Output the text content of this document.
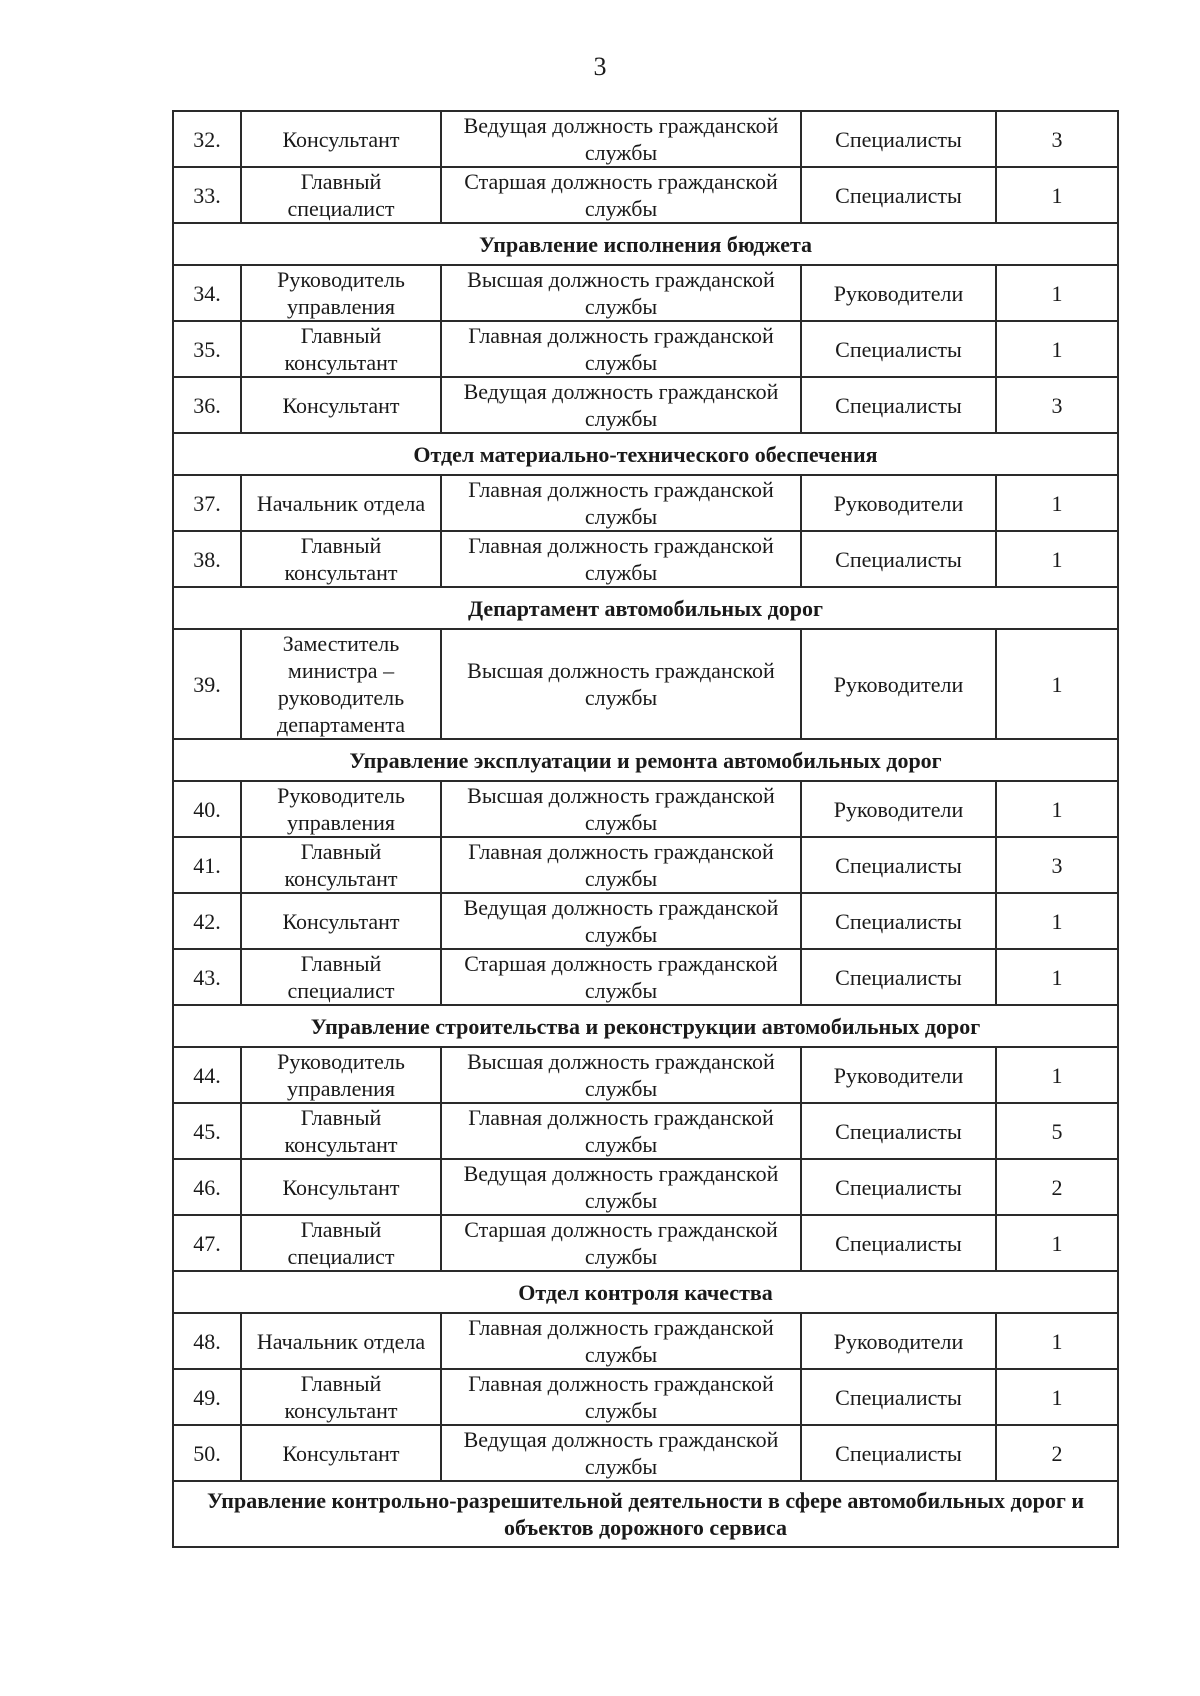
3
32.	Консультант	Ведущая должность гражданской службы	Специалисты	3
33.	Главный специалист	Старшая должность гражданской службы	Специалисты	1
Управление исполнения бюджета				
34.	Руководитель управления	Высшая должность гражданской службы	Руководители	1
35.	Главный консультант	Главная должность гражданской службы	Специалисты	1
36.	Консультант	Ведущая должность гражданской службы	Специалисты	3
Отдел материально-технического обеспечения				
37.	Начальник отдела	Главная должность гражданской службы	Руководители	1
38.	Главный консультант	Главная должность гражданской службы	Специалисты	1
Департамент автомобильных дорог				
39.	Заместитель министра – руководитель департамента	Высшая должность гражданской службы	Руководители	1
Управление эксплуатации и ремонта автомобильных дорог				
40.	Руководитель управления	Высшая должность гражданской службы	Руководители	1
41.	Главный консультант	Главная должность гражданской службы	Специалисты	3
42.	Консультант	Ведущая должность гражданской службы	Специалисты	1
43.	Главный специалист	Старшая должность гражданской службы	Специалисты	1
Управление строительства и реконструкции автомобильных дорог				
44.	Руководитель управления	Высшая должность гражданской службы	Руководители	1
45.	Главный консультант	Главная должность гражданской службы	Специалисты	5
46.	Консультант	Ведущая должность гражданской службы	Специалисты	2
47.	Главный специалист	Старшая должность гражданской службы	Специалисты	1
Отдел контроля качества				
48.	Начальник отдела	Главная должность гражданской службы	Руководители	1
49.	Главный консультант	Главная должность гражданской службы	Специалисты	1
50.	Консультант	Ведущая должность гражданской службы	Специалисты	2
Управление контрольно-разрешительной деятельности в сфере автомобильных дорог и объектов дорожного сервиса				
